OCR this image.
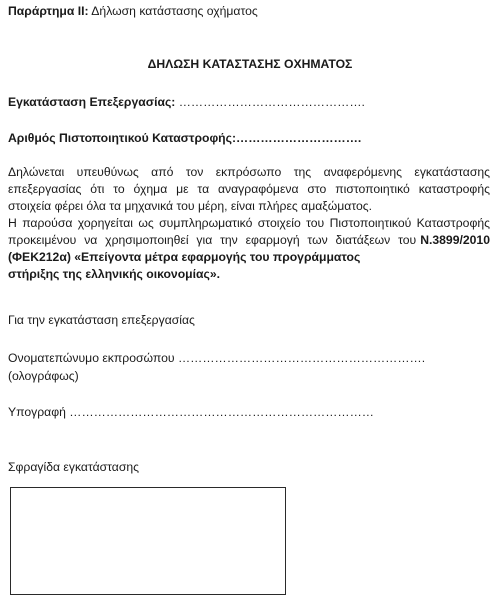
Παράρτημα ΙΙ: Δήλωση κατάστασης οχήματος
ΔΗΛΩΣΗ ΚΑΤΑΣΤΑΣΗΣ ΟΧΗΜΑΤΟΣ
Εγκατάσταση Επεξεργασίας: ……………………………………….
Αριθμός Πιστοποιητικού Καταστροφής:………………………….
Δηλώνεται υπευθύνως από τον εκπρόσωπο της αναφερόμενης εγκατάστασης
επεξεργασίας ότι το όχημα με τα αναγραφόμενα στο πιστοποιητικό καταστροφής
στοιχεία φέρει όλα τα μηχανικά του μέρη, είναι πλήρες αμαξώματος.
Η παρούσα χορηγείται ως συμπληρωματικό στοιχείο του Πιστοποιητικού Καταστροφής
προκειμένου να χρησιμοποιηθεί για την εφαρμογή των διατάξεων του Ν.3899/2010
(ΦΕΚ212α) «Επείγοντα μέτρα εφαρμογής του προγράμματος
στήριξης της ελληνικής οικονομίας».
Για την εγκατάσταση επεξεργασίας
Ονοματεπώνυμο εκπροσώπου …………………………………………………….
(ολογράφως)
Υπογραφή …………………………………………………………………
Σφραγίδα εγκατάστασης
